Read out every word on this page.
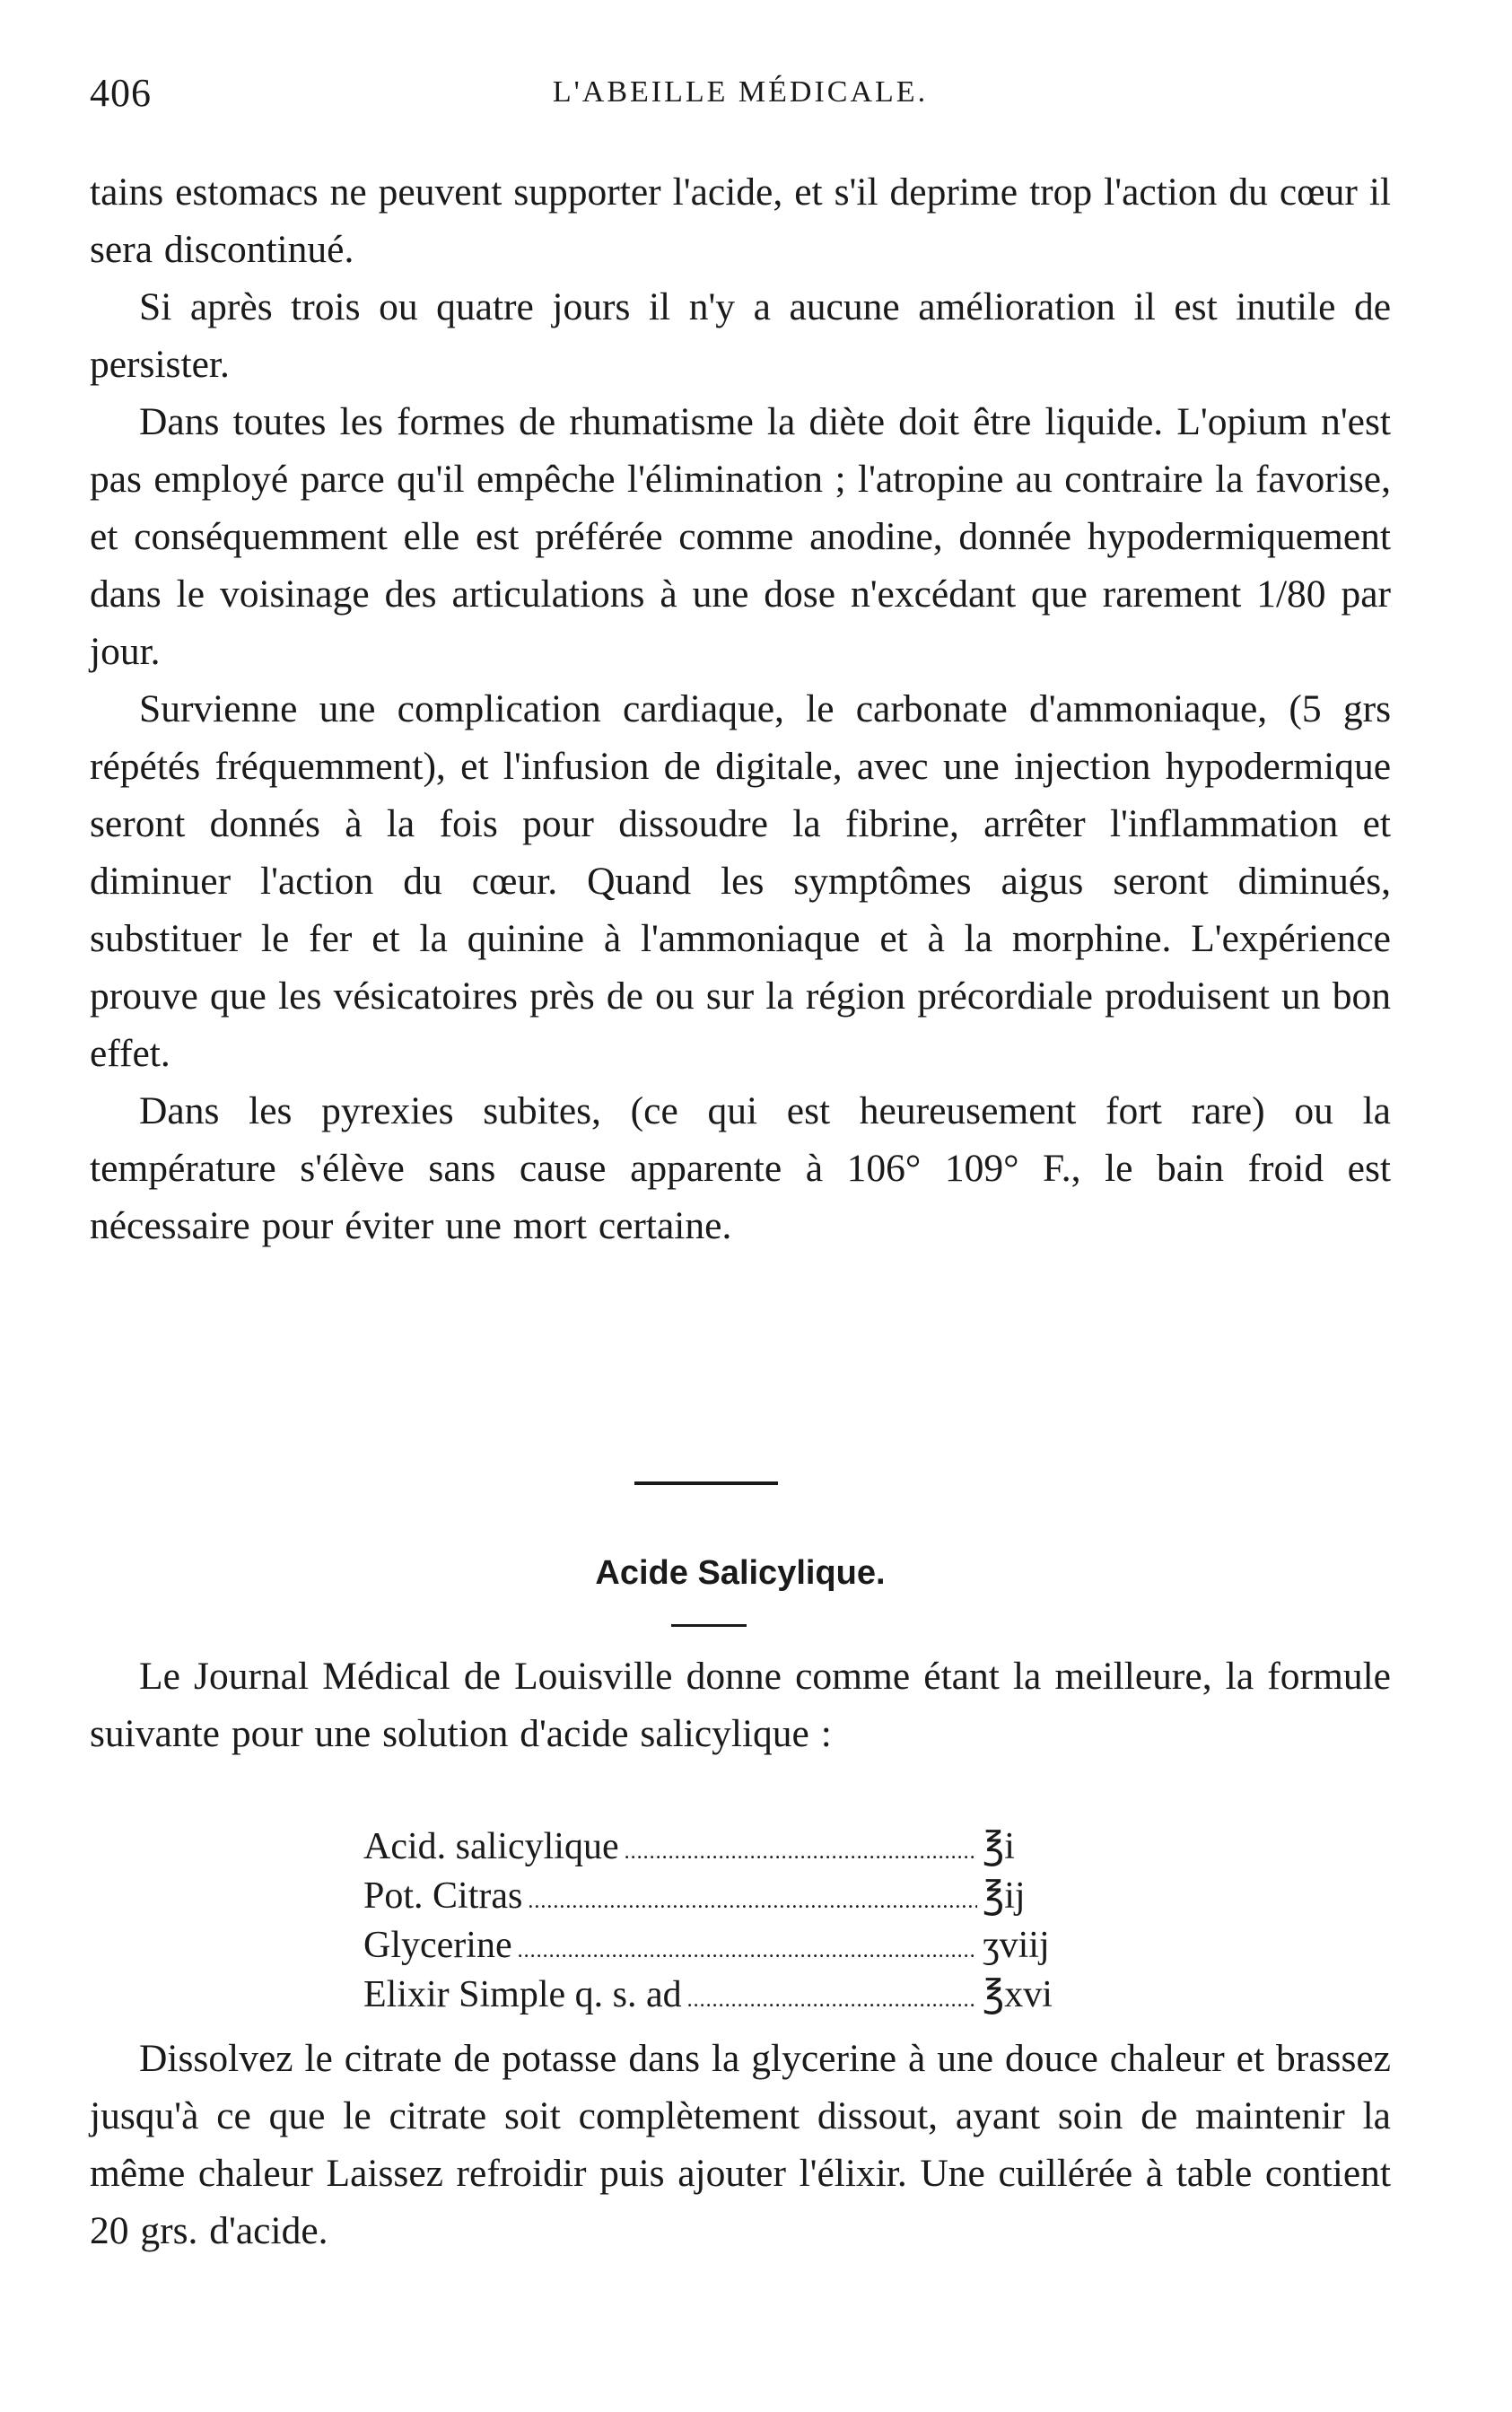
406	L'ABEILLE MÉDICALE.

tains estomacs ne peuvent supporter l'acide, et s'il deprime trop l'action du cœur il sera discontinué.

Si après trois ou quatre jours il n'y a aucune amélioration il est inutile de persister.

Dans toutes les formes de rhumatisme la diète doit être liquide. L'opium n'est pas employé parce qu'il empêche l'élimination ; l'atropine au contraire la favorise, et conséquemment elle est préférée comme anodine, donnée hypodermiquement dans le voisinage des articulations à une dose n'excédant que rarement 1/80 par jour.

Survienne une complication cardiaque, le carbonate d'ammoniaque, (5 grs répétés fréquemment), et l'infusion de digitale, avec une injection hypodermique seront donnés à la fois pour dissoudre la fibrine, arrêter l'inflammation et diminuer l'action du cœur. Quand les symptômes aigus seront diminués, substituer le fer et la quinine à l'ammoniaque et à la morphine. L'expérience prouve que les vésicatoires près de ou sur la région précordiale produisent un bon effet.

Dans les pyrexies subites, (ce qui est heureusement fort rare) ou la température s'élève sans cause apparente à 106° 109° F., le bain froid est nécessaire pour éviter une mort certaine.

Acide Salicylique.

Le Journal Médical de Louisville donne comme étant la meilleure, la formule suivante pour une solution d'acide salicylique :

Acid. salicylique .....	℥i
Pot. Citras .....	℥ij
Glycerine .....	ʒviij
Elixir Simple q. s. ad .....	℥xvi

Dissolvez le citrate de potasse dans la glycerine à une douce chaleur et brassez jusqu'à ce que le citrate soit complètement dissout, ayant soin de maintenir la même chaleur Laissez refroidir puis ajouter l'élixir. Une cuillérée à table contient 20 grs. d'acide.
